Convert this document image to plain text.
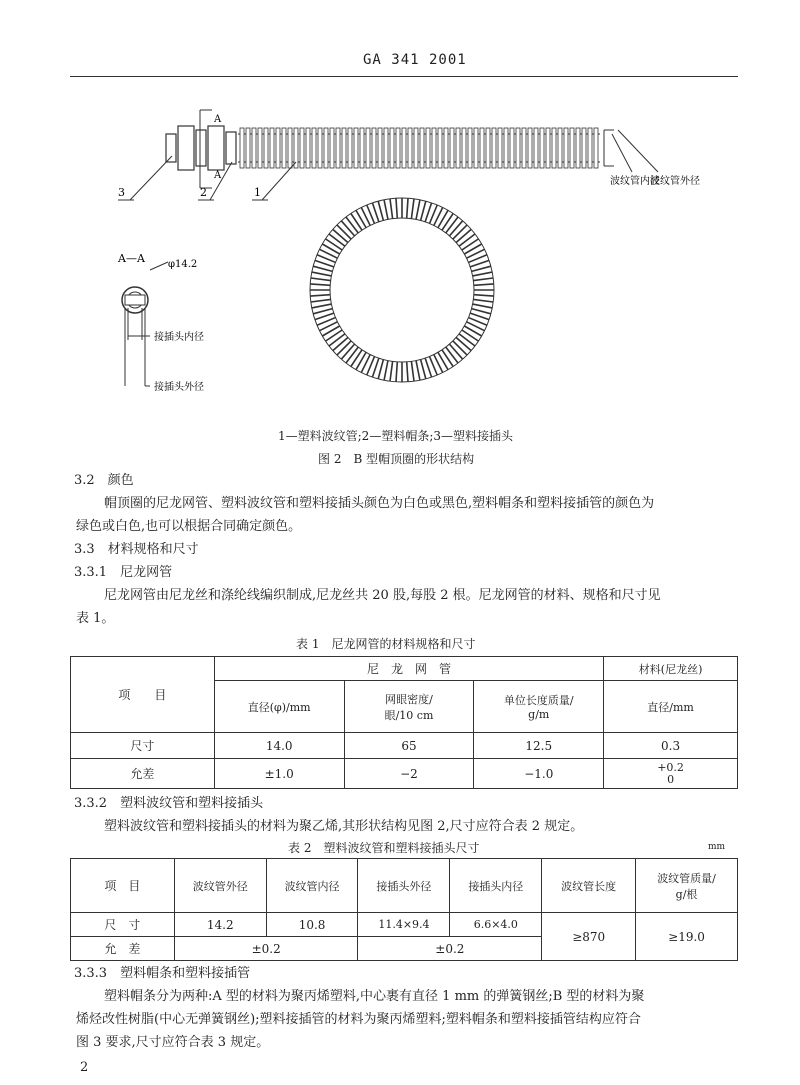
GA 341 2001
A
A
波纹管内径
波纹管外径
3	2	1
A—A φ14.2
接插头内径
接插头外径
1—塑料波纹管;2—塑料帽条;3—塑料接插头
图 2　B 型帽顶圈的形状结构
3.2　颜色
帽顶圈的尼龙网管、塑料波纹管和塑料接插头颜色为白色或黑色,塑料帽条和塑料接插管的颜色为
绿色或白色,也可以根据合同确定颜色。
3.3　材料规格和尺寸
3.3.1　尼龙网管
尼龙网管由尼龙丝和涤纶线编织制成,尼龙丝共 20 股,每股 2 根。尼龙网管的材料、规格和尺寸见
表 1。
表 1　尼龙网管的材料规格和尺寸
项　　目	尼　龙　网　管			材料(尼龙丝)
	直径(φ)/mm	网眼密度/
眼/10 cm	单位长度质量/
g/m	直径/mm
尺寸	14.0	65	12.5	0.3
允差	±1.0	−2	−1.0	+0.2
0
3.3.2　塑料波纹管和塑料接插头
塑料波纹管和塑料接插头的材料为聚乙烯,其形状结构见图 2,尺寸应符合表 2 规定。
表 2　塑料波纹管和塑料接插头尺寸	mm
项　目	波纹管外径	波纹管内径	接插头外径	接插头内径	波纹管长度	波纹管质量/
g/根
尺　寸	14.2	10.8	11.4×9.4	6.6×4.0	≥870	≥19.0
允　差	±0.2		±0.2			
3.3.3　塑料帽条和塑料接插管
塑料帽条分为两种:A 型的材料为聚丙烯塑料,中心裹有直径 1 mm 的弹簧钢丝;B 型的材料为聚
烯烃改性树脂(中心无弹簧钢丝);塑料接插管的材料为聚丙烯塑料;塑料帽条和塑料接插管结构应符合
图 3 要求,尺寸应符合表 3 规定。
2
